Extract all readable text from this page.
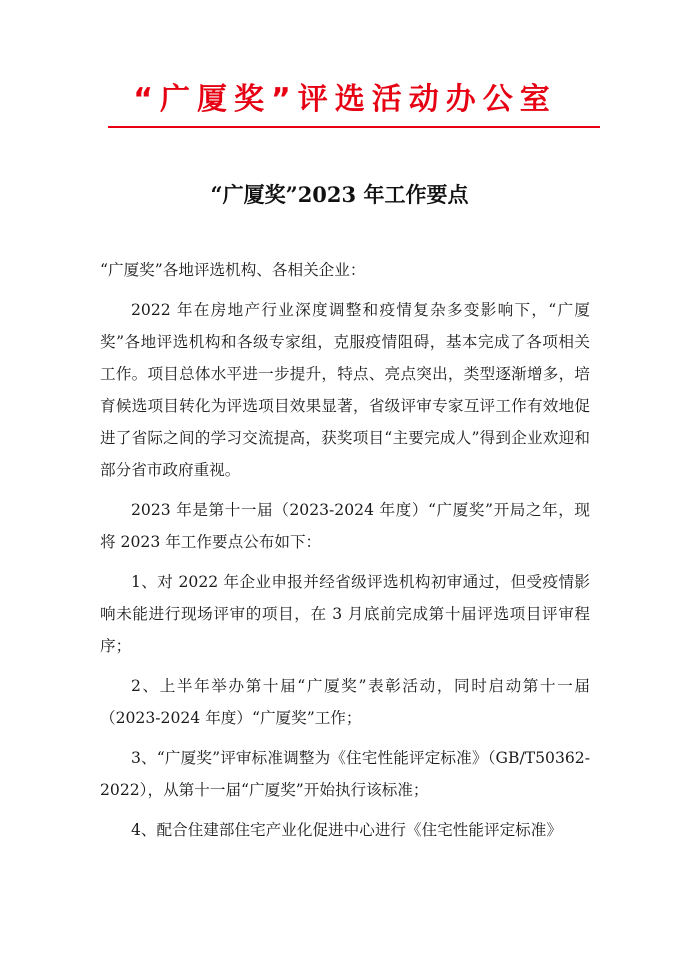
“广厦奖”评选活动办公室
“广厦奖”2023 年工作要点

“广厦奖”各地评选机构、各相关企业：

2022 年在房地产行业深度调整和疫情复杂多变影响下，“广厦奖”各地评选机构和各级专家组，克服疫情阻碍，基本完成了各项相关工作。项目总体水平进一步提升，特点、亮点突出，类型逐渐增多，培育候选项目转化为评选项目效果显著，省级评审专家互评工作有效地促进了省际之间的学习交流提高，获奖项目“主要完成人”得到企业欢迎和部分省市政府重视。

2023 年是第十一届（2023-2024 年度）“广厦奖”开局之年，现将 2023 年工作要点公布如下：

1、对 2022 年企业申报并经省级评选机构初审通过，但受疫情影响未能进行现场评审的项目，在 3 月底前完成第十届评选项目评审程序；

2、上半年举办第十届“广厦奖”表彰活动，同时启动第十一届（2023-2024 年度）“广厦奖”工作；

3、“广厦奖”评审标准调整为《住宅性能评定标准》（GB/T50362-2022），从第十一届“广厦奖”开始执行该标准；

4、配合住建部住宅产业化促进中心进行《住宅性能评定标准》
